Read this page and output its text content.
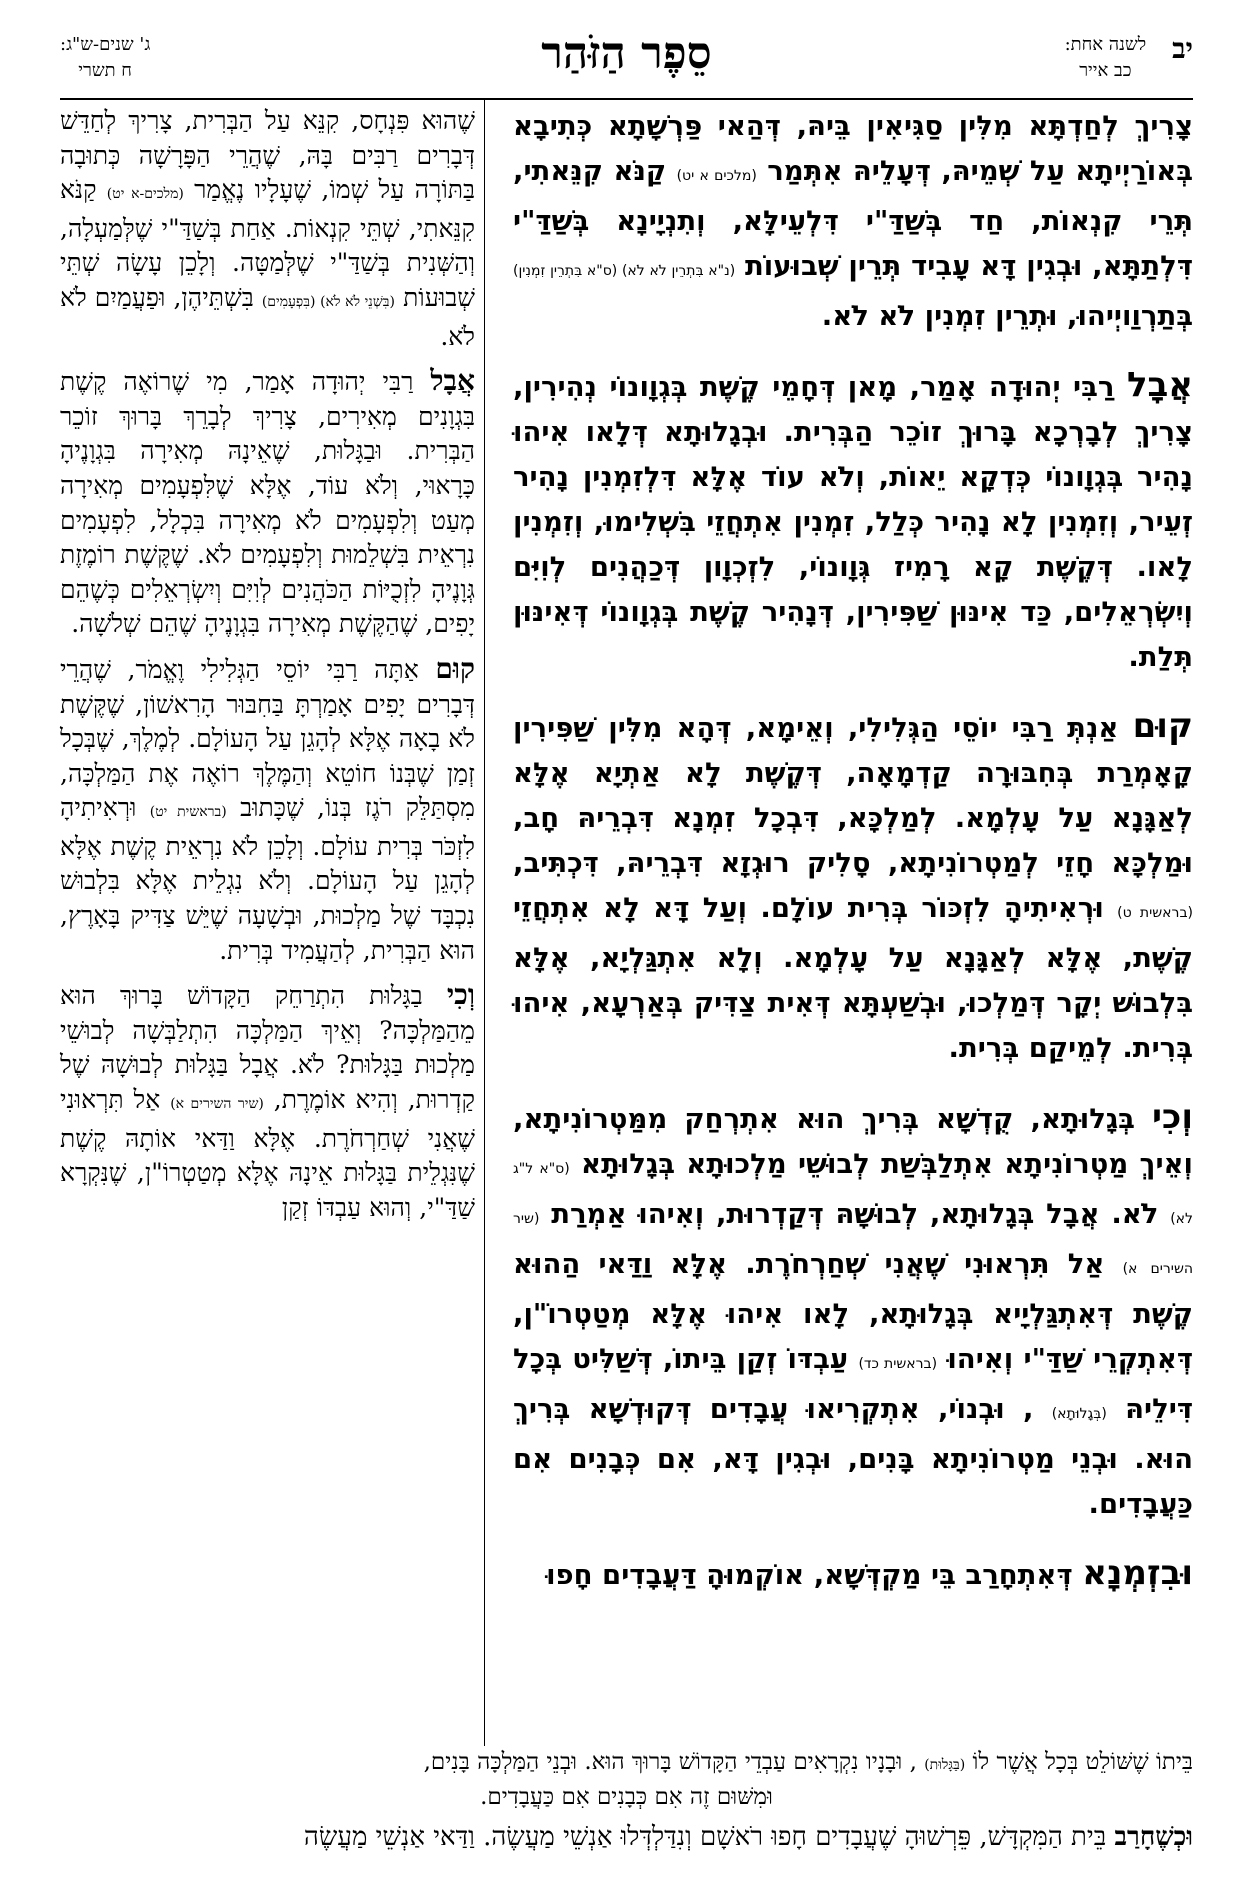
יב
לשנה אחת:
כב אייר
סֵפֶר הַזֹּהַר
ג' שנים-ש"ג:
ח תשרי

צָרִיךְ לְחַדְתָּא מִלִּין סַגִּיאִין בֵּיהּ, דְּהַאי פַּרְשָׁתָא כְּתִיבָא בְּאוֹרַיְיתָא עַל שְׁמֵיהּ, דְּעָלֵיהּ אִתְּמַר (מלכים א יט) קַנֹּא קִנֵּאתִי, תְּרֵי קִנְאוֹת, חַד בְּשַׁדַּ"י דִּלְעֵילָּא, וְתִנְיָינָא בְּשַׁדַּ"י דִּלְתַתָּא, וּבְגִין דָּא עָבִיד תְּרֵין שְׁבוּעוֹת (נ"א בִּתְרֵין לֹא לֹא) (ס"א בִּתְרֵין זִמְנִין) בְּתַרְוַויְיהוּ, וּתְרֵין זִמְנִין לֹא לֹא.

אֲבָל רַבִּי יְהוּדָה אָמַר, מָאן דְּחָמֵי קֶשֶׁת בְּגְוָונוֹי נְהִירִין, צָרִיךְ לְבָרְכָא בָּרוּךְ זוֹכֵר הַבְּרִית. וּבְגָלוּתָא דְּלָאו אִיהוּ נָהִיר בְּגְוָונוֹי כְּדְקָא יֵאוֹת, וְלֹא עוֹד אֶלָּא דִּלְזִמְנִין נָהִיר זְעֵיר, וְזִמְנִין לָא נָהִיר כְּלַל, זִמְנִין אִתְחֲזֵי בִּשְׁלִימוּ, וְזִמְנִין לָאו. דְּקֶשֶׁת קָא רָמִיז גְּוָונוֹי, לִזְכְוָון דְּכַהֲנִים לְוִיִּם וְיִשְׂרְאֵלִים, כַּד אִינּוּן שַׁפִּירִין, דְּנָהִיר קֶשֶׁת בְּגְוָונוֹי דְּאִינּוּן תְּלַת.

קוּם אַנְתְּ רַבִּי יוֹסֵי הַגְּלִילִי, וְאֵימָא, דְּהָא מִלִּין שַׁפִּירִין קָאָמְרַת בְּחִבּוּרָה קַדְמָאָה, דְּקֶשֶׁת לָא אַתְיָא אֶלָּא לְאַגָּנָא עַל עָלְמָא. לְמַלְכָּא, דִּבְכָל זִמְנָא דִּבְרֵיהּ חָב, וּמַלְכָּא חָזֵי לְמַטְרוֹנִיתָא, סָלִיק רוּגְזָא דִּבְרֵיהּ, דִּכְתִּיב, (בראשית ט) וּרְאִיתִיהָ לִזְכּוֹר בְּרִית עוֹלָם. וְעַל דָּא לָא אִתְחֲזֵי קֶשֶׁת, אֶלָּא לְאַגָּנָא עַל עָלְמָא. וְלָא אִתְגַּלְיָא, אֶלָּא בִּלְבוּשׁ יְקָר דְּמַלְכוּ, וּבְשַׁעְתָּא דְּאִית צַדִּיק בְּאַרְעָא, אִיהוּ בְּרִית. לְמֵיקַם בְּרִית.

וְכִי בְּגָלוּתָא, קֻדְשָׁא בְּרִיךְ הוּא אִתְרְחַק מִמַּטְרוֹנִיתָא, וְאֵיךְ מַטְרוֹנִיתָא אִתְלַבְּשַׁת לְבוּשֵׁי מַלְכוּתָא בְּגָלוּתָא (ס"א ל"ג לא) לֹא. אֲבָל בְּגָלוּתָא, לְבוּשָׁהּ דְּקַדְרוּת, וְאִיהוּ אַמְרַת (שיר השירים א) אַל תִּרְאוּנִי שֶׁאֲנִי שְׁחַרְחֹרֶת. אֶלָּא וַדַּאי הַהוּא קֶשֶׁת דְּאִתְגַּלְיָיא בְּגָלוּתָא, לָאו אִיהוּ אֶלָּא מְטַטְרוֹ"ן, דְּאִתְקְרֵי שַׁדַּ"י וְאִיהוּ (בראשית כד) עַבְדּוֹ זְקַן בֵּיתוֹ, דְּשַׁלִּיט בְּכָל דִּילֵיהּ (בְּגָלוּתָא) , וּבְנוֹי, אִתְקְרִיאוּ עֲבָדִים דְּקוּדְשָׁא בְּרִיךְ הוּא. וּבְנֵי מַטְרוֹנִיתָא בָּנִים, וּבְגִין דָּא, אִם כְּבָנִים אִם כַּעֲבָדִים.

וּבִזְמְנָא דְּאִתְחָרַב בֵּי מַקְדְּשָׁא, אוֹקְמוּהָ דַּעֲבָדִים חָפוּ

שֶׁהוּא פִּנְחָס, קִנֵּא עַל הַבְּרִית, צָרִיךְ לְחַדֵּשׁ דְּבָרִים רַבִּים בָּהּ, שֶׁהֲרֵי הַפָּרָשָׁה כְּתוּבָה בַּתּוֹרָה עַל שְׁמוֹ, שֶׁעָלָיו נֶאֱמַר (מלכים-א יט) קַנֹּא קִנֵּאתִי, שְׁתֵּי קִנְאוֹת. אַחַת בְּשַׁדַּ"י שֶׁלְּמַעְלָה, וְהַשְּׁנִית בְּשַׁדַּ"י שֶׁלְּמַטָּה. וְלָכֵן עָשָׂה שְׁתֵּי שְׁבוּעוֹת (בִּשְׁנֵי לֹא לֹא) (בִּפְעָמִים) בִּשְׁתֵּיהֶן, וּפַעֲמַיִם לֹא לֹא.

אֲבָל רַבִּי יְהוּדָה אָמַר, מִי שֶׁרוֹאֶה קֶשֶׁת בִּגְוָנִים מְאִירִים, צָרִיךְ לְבָרֵךְ בָּרוּךְ זוֹכֵר הַבְּרִית. וּבַגָּלוּת, שֶׁאֵינָהּ מְאִירָה בִּגְוָנֶיהָ כָּרָאוּי, וְלֹא עוֹד, אֶלָּא שֶׁלִּפְעָמִים מְאִירָה מְעַט וְלִפְעָמִים לֹא מְאִירָה בִּכְלָל, לִפְעָמִים נִרְאֵית בִּשְׁלֵמוּת וְלִפְעָמִים לֹא. שֶׁקֶּשֶׁת רוֹמֶזֶת גְּוָנֶיהָ לִזְכֻיּוֹת הַכֹּהֲנִים לְוִיִּם וְיִשְׂרְאֵלִים כְּשֶׁהֵם יָפִים, שֶׁהַקֶּשֶׁת מְאִירָה בִּגְוָנֶיהָ שֶׁהֵם שְׁלֹשָׁה.

קוּם אַתָּה רַבִּי יוֹסֵי הַגְּלִילִי וֶאֱמֹר, שֶׁהֲרֵי דְּבָרִים יָפִים אָמַרְתָּ בַּחִבּוּר הָרִאשׁוֹן, שֶׁקֶּשֶׁת לֹא בָאָה אֶלָּא לְהָגֵן עַל הָעוֹלָם. לְמֶלֶךְ, שֶׁבְּכָל זְמַן שֶׁבְּנוֹ חוֹטֵא וְהַמֶּלֶךְ רוֹאֶה אֶת הַמַּלְכָּה, מִסְתַּלֵּק רֹגֶז בְּנוֹ, שֶׁכָּתוּב (בראשית יט) וּרְאִיתִיהָ לִזְכֹּר בְּרִית עוֹלָם. וְלָכֵן לֹא נִרְאֵית קֶשֶׁת אֶלָּא לְהָגֵן עַל הָעוֹלָם. וְלֹא נִגְלֵית אֶלָּא בִּלְבוּשׁ נִכְבָּד שֶׁל מַלְכוּת, וּבְשָׁעָה שֶׁיֵּשׁ צַדִּיק בָּאָרֶץ, הוּא הַבְּרִית, לְהַעֲמִיד בְּרִית.

וְכִי בַגָּלוּת הִתְרַחֵק הַקָּדוֹשׁ בָּרוּךְ הוּא מֵהַמַּלְכָּה? וְאֵיךְ הַמַּלְכָּה הִתְלַבְּשָׁה לְבוּשֵׁי מַלְכוּת בַּגָּלוּת? לֹא. אֲבָל בַּגָּלוּת לְבוּשָׁהּ שֶׁל קַדְרוּת, וְהִיא אוֹמֶרֶת, (שיר השירים א) אַל תִּרְאוּנִי שֶׁאֲנִי שְׁחַרְחֹרֶת. אֶלָּא וַדַּאי אוֹתָהּ קֶשֶׁת שֶׁנִּגְלֵית בַּגָּלוּת אֵינָהּ אֶלָּא מְטַטְרוֹ"ן, שֶׁנִּקְרָא שַׁדַּ"י, וְהוּא עַבְדּוֹ זְקַן

בֵּיתוֹ שֶׁשּׁוֹלֵט בְּכָל אֲשֶׁר לוֹ (בַּגָּלוּת) , וּבָנָיו נִקְרָאִים עַבְדֵי הַקָּדוֹשׁ בָּרוּךְ הוּא. וּבְנֵי הַמַּלְכָּה בָּנִים,
וּמִשּׁוּם זֶה אִם כְּבָנִים אִם כַּעֲבָדִים.
וּכְשֶׁחָרַב בֵּית הַמִּקְדָּשׁ, פֵּרְשׁוּהָ שֶׁעֲבָדִים חָפוּ רֹאשָׁם וְנִדַּלְדְּלוּ אַנְשֵׁי מַעֲשֶׂה. וַדַּאי אַנְשֵׁי מַעֲשֶׂה
